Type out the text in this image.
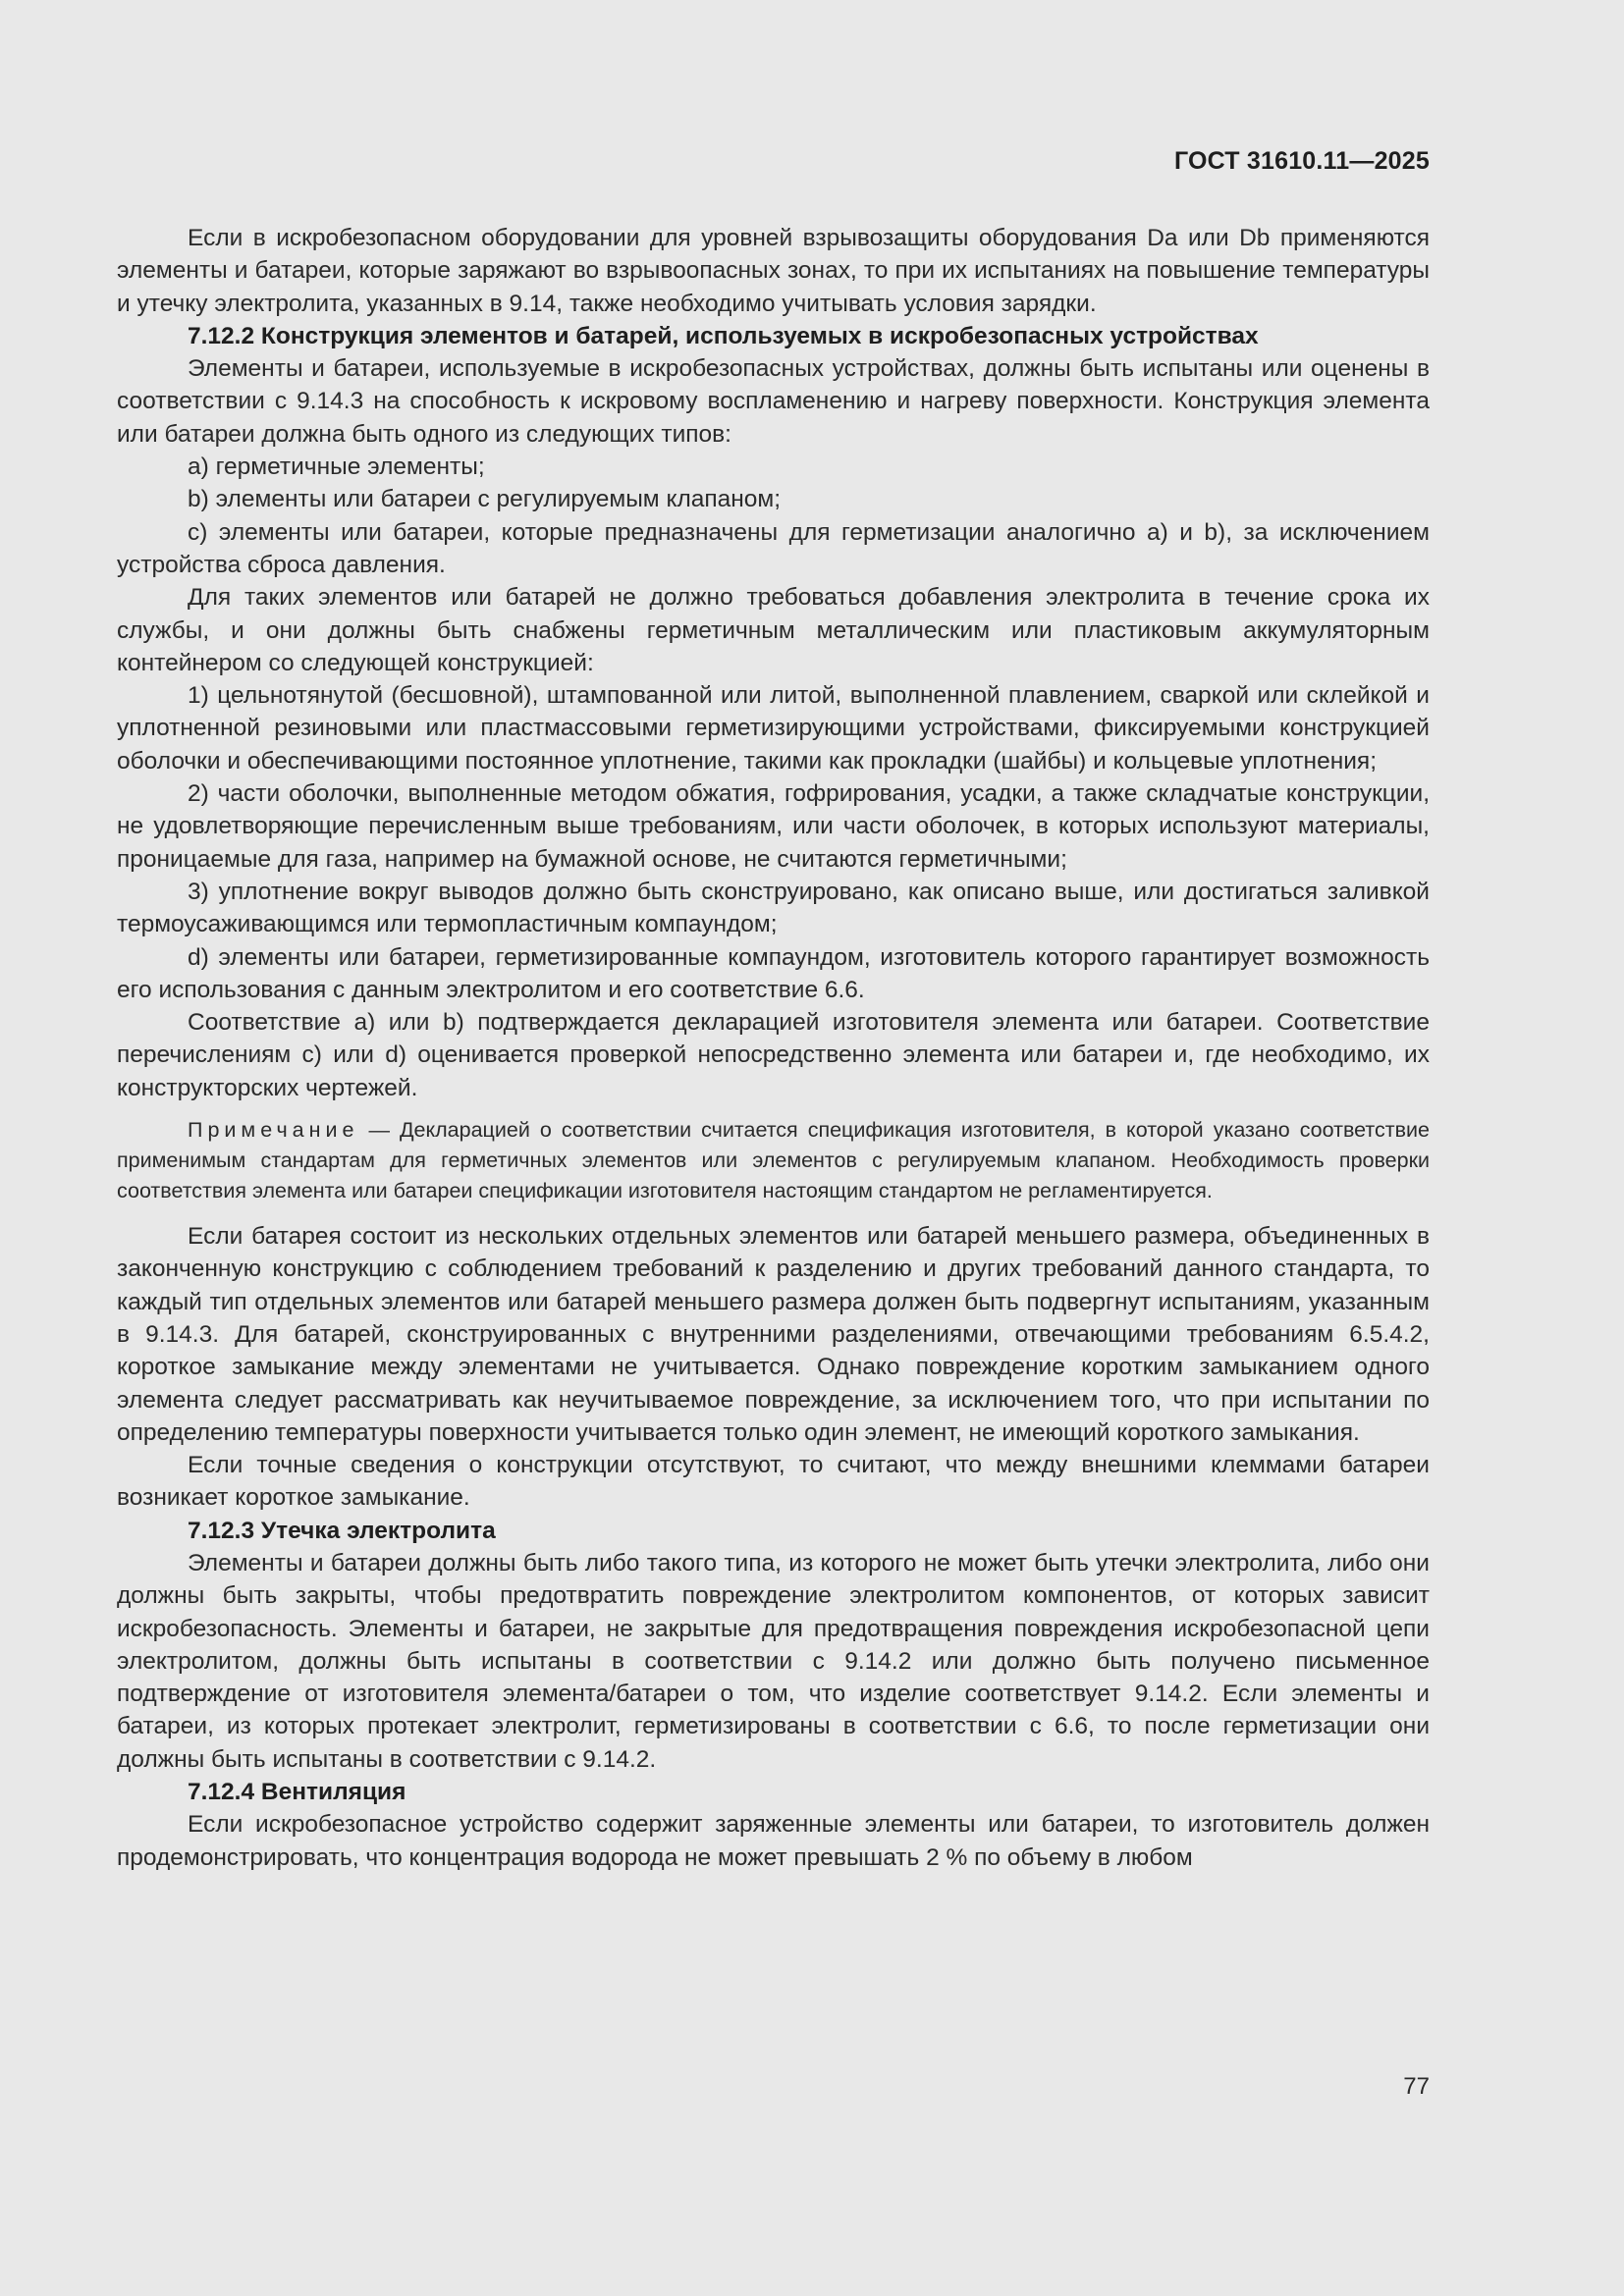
ГОСТ 31610.11—2025

Если в искробезопасном оборудовании для уровней взрывозащиты оборудования Da или Db применяются элементы и батареи, которые заряжают во взрывоопасных зонах, то при их испытаниях на повышение температуры и утечку электролита, указанных в 9.14, также необходимо учитывать условия зарядки.

7.12.2 Конструкция элементов и батарей, используемых в искробезопасных устройствах

Элементы и батареи, используемые в искробезопасных устройствах, должны быть испытаны или оценены в соответствии с 9.14.3 на способность к искровому воспламенению и нагреву поверхности. Конструкция элемента или батареи должна быть одного из следующих типов:

a) герметичные элементы;

b) элементы или батареи с регулируемым клапаном;

c) элементы или батареи, которые предназначены для герметизации аналогично a) и b), за исключением устройства сброса давления.

Для таких элементов или батарей не должно требоваться добавления электролита в течение срока их службы, и они должны быть снабжены герметичным металлическим или пластиковым аккумуляторным контейнером со следующей конструкцией:

1) цельнотянутой (бесшовной), штампованной или литой, выполненной плавлением, сваркой или склейкой и уплотненной резиновыми или пластмассовыми герметизирующими устройствами, фиксируемыми конструкцией оболочки и обеспечивающими постоянное уплотнение, такими как прокладки (шайбы) и кольцевые уплотнения;

2) части оболочки, выполненные методом обжатия, гофрирования, усадки, а также складчатые конструкции, не удовлетворяющие перечисленным выше требованиям, или части оболочек, в которых используют материалы, проницаемые для газа, например на бумажной основе, не считаются герметичными;

3) уплотнение вокруг выводов должно быть сконструировано, как описано выше, или достигаться заливкой термоусаживающимся или термопластичным компаундом;

d) элементы или батареи, герметизированные компаундом, изготовитель которого гарантирует возможность его использования с данным электролитом и его соответствие 6.6.

Соответствие a) или b) подтверждается декларацией изготовителя элемента или батареи. Соответствие перечислениям c) или d) оценивается проверкой непосредственно элемента или батареи и, где необходимо, их конструкторских чертежей.

Примечание — Декларацией о соответствии считается спецификация изготовителя, в которой указано соответствие применимым стандартам для герметичных элементов или элементов с регулируемым клапаном. Необходимость проверки соответствия элемента или батареи спецификации изготовителя настоящим стандартом не регламентируется.

Если батарея состоит из нескольких отдельных элементов или батарей меньшего размера, объединенных в законченную конструкцию с соблюдением требований к разделению и других требований данного стандарта, то каждый тип отдельных элементов или батарей меньшего размера должен быть подвергнут испытаниям, указанным в 9.14.3. Для батарей, сконструированных с внутренними разделениями, отвечающими требованиям 6.5.4.2, короткое замыкание между элементами не учитывается. Однако повреждение коротким замыканием одного элемента следует рассматривать как неучитываемое повреждение, за исключением того, что при испытании по определению температуры поверхности учитывается только один элемент, не имеющий короткого замыкания.

Если точные сведения о конструкции отсутствуют, то считают, что между внешними клеммами батареи возникает короткое замыкание.

7.12.3 Утечка электролита

Элементы и батареи должны быть либо такого типа, из которого не может быть утечки электролита, либо они должны быть закрыты, чтобы предотвратить повреждение электролитом компонентов, от которых зависит искробезопасность. Элементы и батареи, не закрытые для предотвращения повреждения искробезопасной цепи электролитом, должны быть испытаны в соответствии с 9.14.2 или должно быть получено письменное подтверждение от изготовителя элемента/батареи о том, что изделие соответствует 9.14.2. Если элементы и батареи, из которых протекает электролит, герметизированы в соответствии с 6.6, то после герметизации они должны быть испытаны в соответствии с 9.14.2.

7.12.4 Вентиляция

Если искробезопасное устройство содержит заряженные элементы или батареи, то изготовитель должен продемонстрировать, что концентрация водорода не может превышать 2 % по объему в любом

77
